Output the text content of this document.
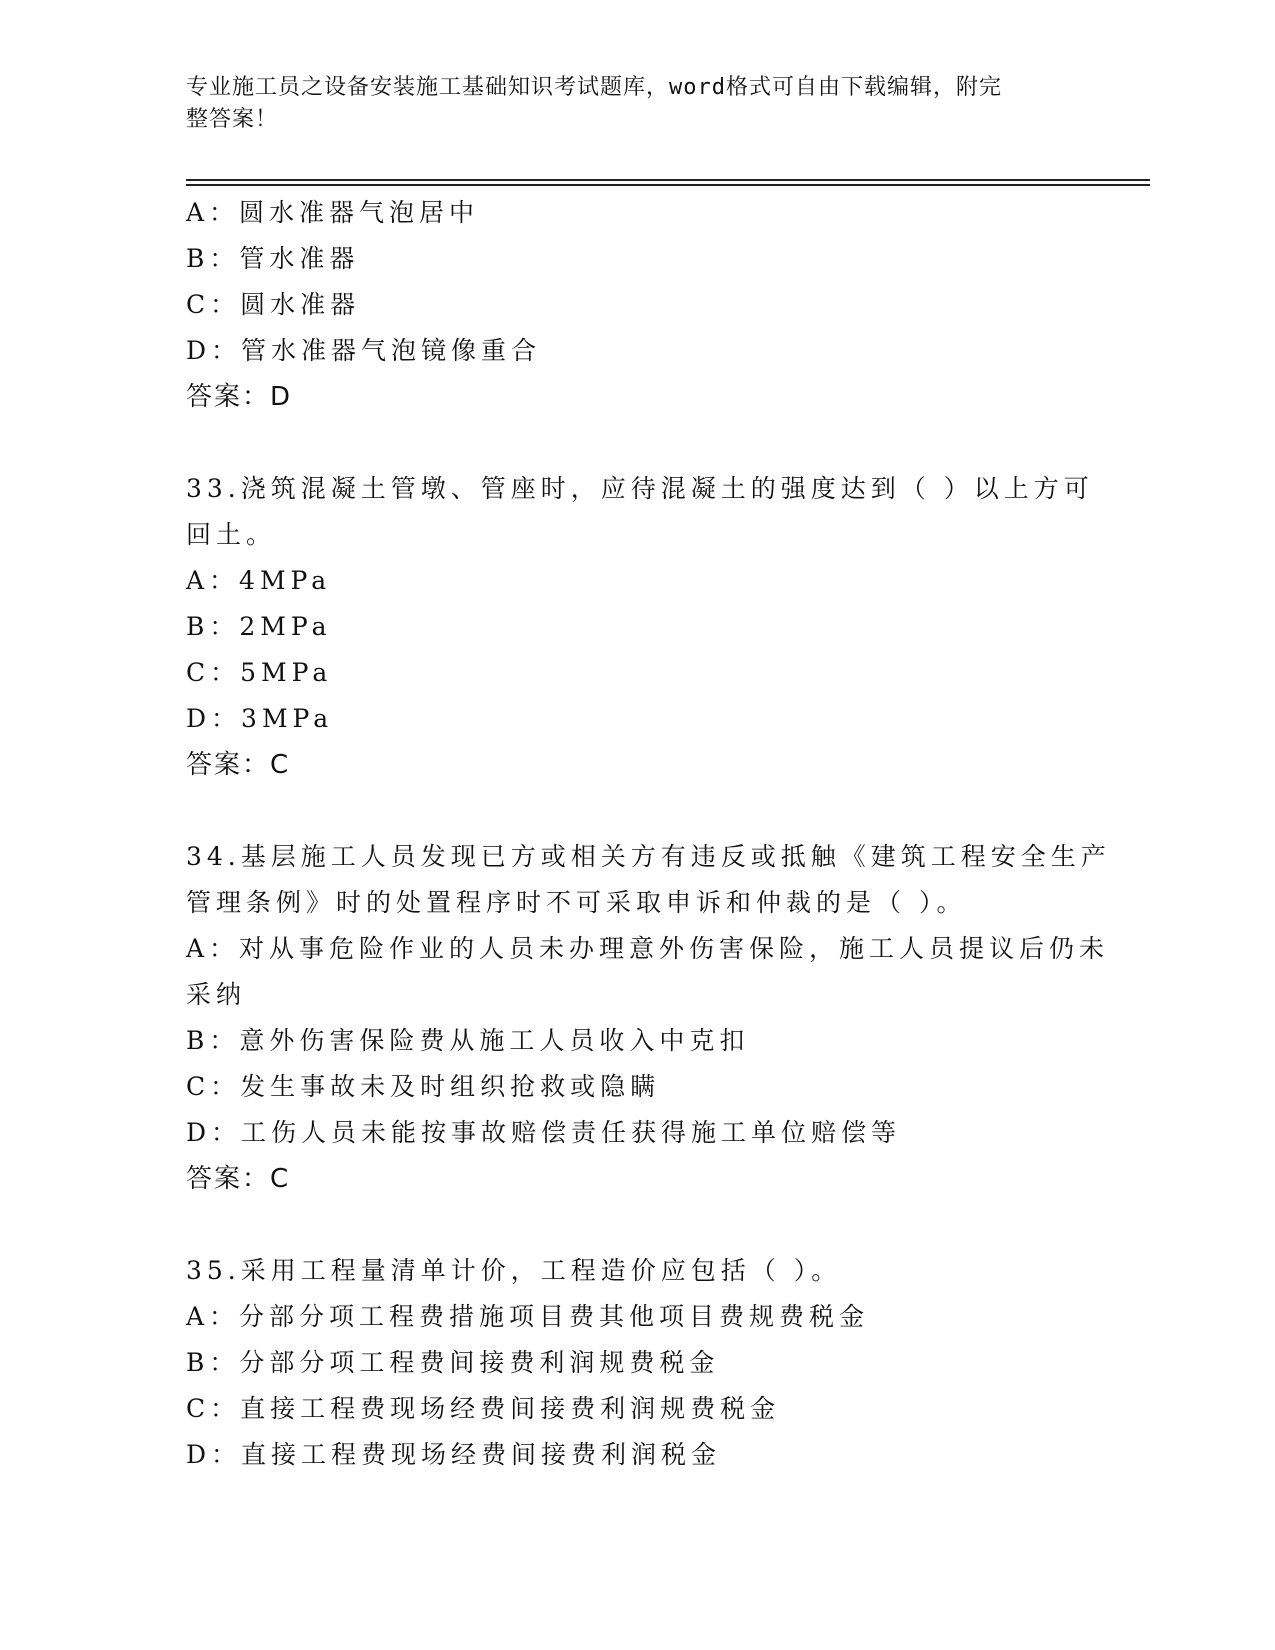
专业施工员之设备安装施工基础知识考试题库，word格式可自由下载编辑，附完
整答案！
A：圆水准器气泡居中
B：管水准器
C：圆水准器
D：管水准器气泡镜像重合
答案：D
33.浇筑混凝土管墩、管座时，应待混凝土的强度达到（ ）以上方可
回土。
A：4MPa
B：2MPa
C：5MPa
D：3MPa
答案：C
34.基层施工人员发现已方或相关方有违反或抵触《建筑工程安全生产
管理条例》时的处置程序时不可采取申诉和仲裁的是（ ）。
A：对从事危险作业的人员未办理意外伤害保险，施工人员提议后仍未
采纳
B：意外伤害保险费从施工人员收入中克扣
C：发生事故未及时组织抢救或隐瞒
D：工伤人员未能按事故赔偿责任获得施工单位赔偿等
答案：C
35.采用工程量清单计价，工程造价应包括（ ）。
A：分部分项工程费措施项目费其他项目费规费税金
B：分部分项工程费间接费利润规费税金
C：直接工程费现场经费间接费利润规费税金
D：直接工程费现场经费间接费利润税金
